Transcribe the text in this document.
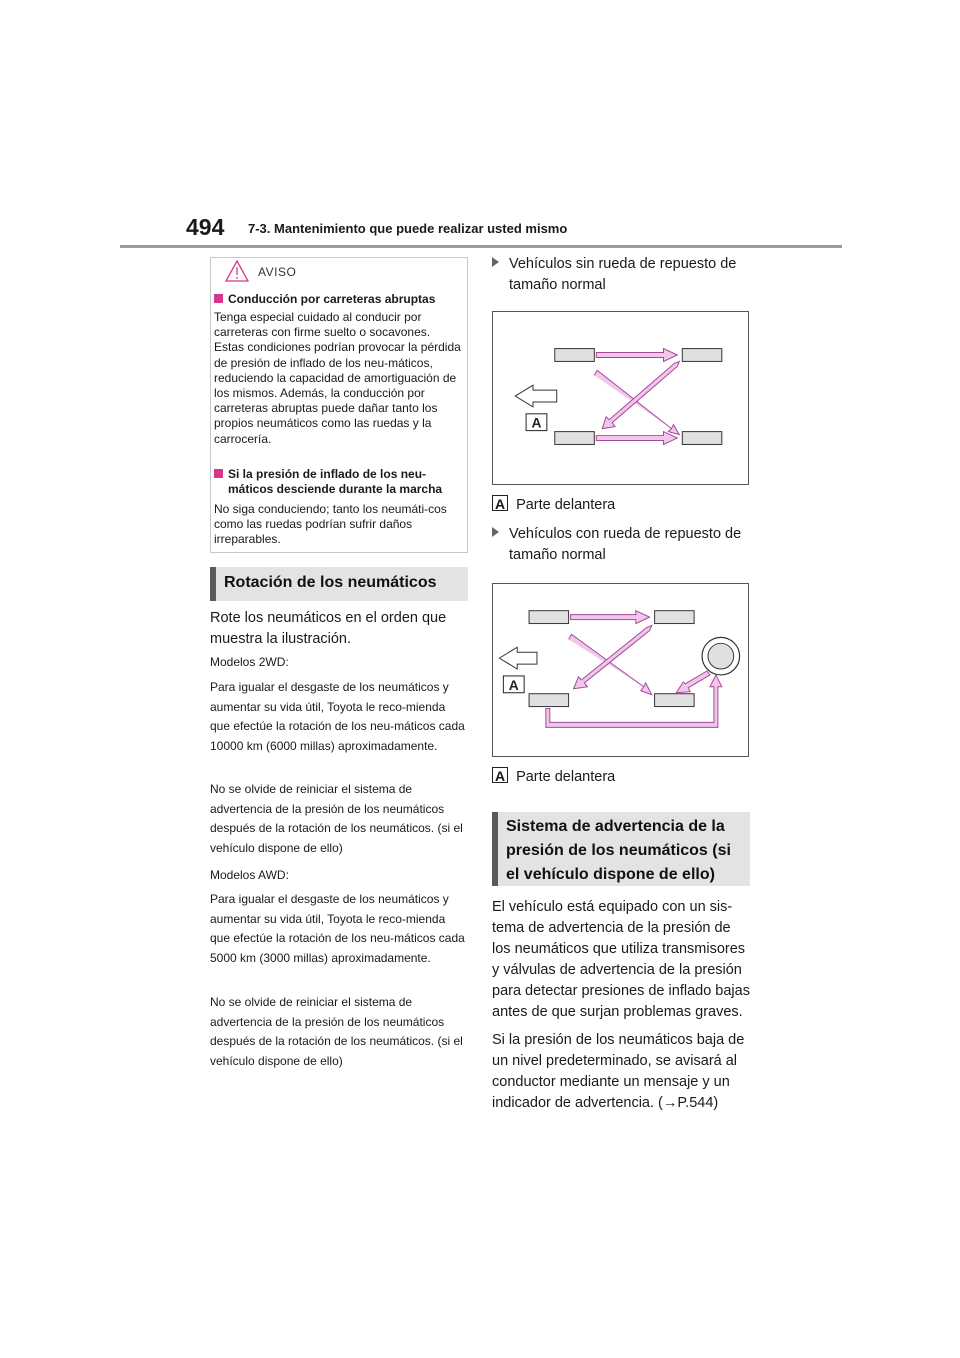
494 7-3. Mantenimiento que puede realizar usted mismo
AVISO
Conducción por carreteras abruptas
Tenga especial cuidado al conducir por carreteras con firme suelto o socavones. Estas condiciones podrían provocar la pérdida de presión de inflado de los neu-máticos, reduciendo la capacidad de amortiguación de los mismos. Además, la conducción por carreteras abruptas puede dañar tanto los propios neumáticos como las ruedas y la carrocería.
Si la presión de inflado de los neu-máticos desciende durante la marcha
No siga conduciendo; tanto los neumáti-cos como las ruedas podrían sufrir daños irreparables.
Rotación de los neumáticos
Rote los neumáticos en el orden que muestra la ilustración.
Modelos 2WD:
Para igualar el desgaste de los neumáticos y aumentar su vida útil, Toyota le reco-mienda que efectúe la rotación de los neu-máticos cada 10000 km (6000 millas) aproximadamente.
No se olvide de reiniciar el sistema de advertencia de la presión de los neumáticos después de la rotación de los neumáticos. (si el vehículo dispone de ello)
Modelos AWD:
Para igualar el desgaste de los neumáticos y aumentar su vida útil, Toyota le reco-mienda que efectúe la rotación de los neu-máticos cada 5000 km (3000 millas) aproximadamente.
No se olvide de reiniciar el sistema de advertencia de la presión de los neumáticos después de la rotación de los neumáticos. (si el vehículo dispone de ello)
Vehículos sin rueda de repuesto de tamaño normal
A
A Parte delantera
Vehículos con rueda de repuesto de tamaño normal
A
A Parte delantera
Sistema de advertencia de la presión de los neumáticos (si el vehículo dispone de ello)
El vehículo está equipado con un sis-tema de advertencia de la presión de los neumáticos que utiliza transmisores y válvulas de advertencia de la presión para detectar presiones de inflado bajas antes de que surjan problemas graves.
Si la presión de los neumáticos baja de un nivel predeterminado, se avisará al conductor mediante un mensaje y un indicador de advertencia. (→P.544)
